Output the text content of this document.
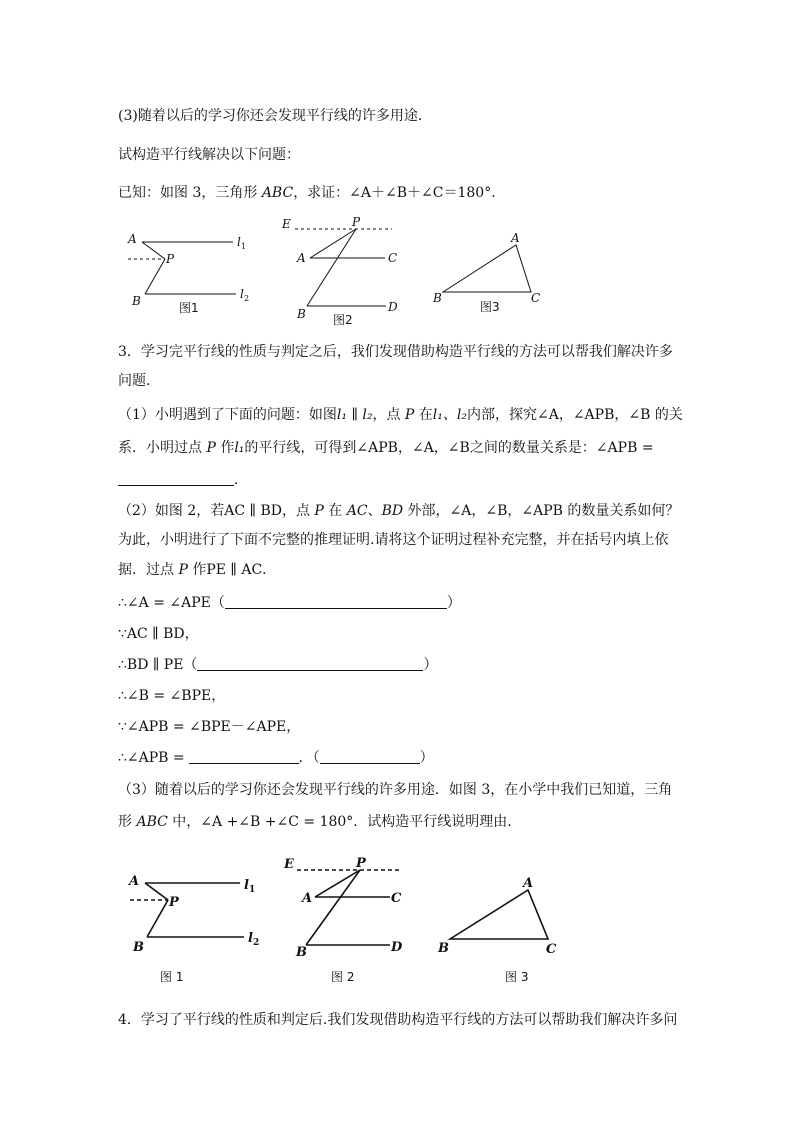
(3)随着以后的学习你还会发现平行线的许多用途．
试构造平行线解决以下问题：
已知：如图 3，三角形 ABC，求证：∠A＋∠B＋∠C＝180°．
A
P
B
l 1
l 2
图1
E	P
A	C
B	D
图2
A
B	C
图3
3．学习完平行线的性质与判定之后，我们发现借助构造平行线的方法可以帮我们解决许多
问题．
（1）小明遇到了下面的问题：如图l₁ ∥ l₂，点 P 在l₁、l₂内部，探究∠A，∠APB，∠B 的关
系．小明过点 P 作l₁的平行线，可得到∠APB，∠A，∠B之间的数量关系是：∠APB =
．
（2）如图 2，若AC ∥ BD，点 P 在 AC、BD 外部，∠A，∠B，∠APB 的数量关系如何？
为此，小明进行了下面不完整的推理证明.请将这个证明过程补充完整，并在括号内填上依
据．过点 P 作PE ∥ AC．
∴∠A = ∠APE（	）
∵AC ∥ BD，
∴BD ∥ PE（	）
∴∠B = ∠BPE，
∵∠APB = ∠BPE－∠APE，
∴∠APB =	．（	）
（3）随着以后的学习你还会发现平行线的许多用途．如图 3，在小学中我们已知道，三角
形 ABC 中，∠A +∠B +∠C = 180°．试构造平行线说明理由.
A
P
B
l 1
l 2
图 1
E	P
A	C
B	D
图 2
A
B	C
图 3
4．学习了平行线的性质和判定后.我们发现借助构造平行线的方法可以帮助我们解决许多问
